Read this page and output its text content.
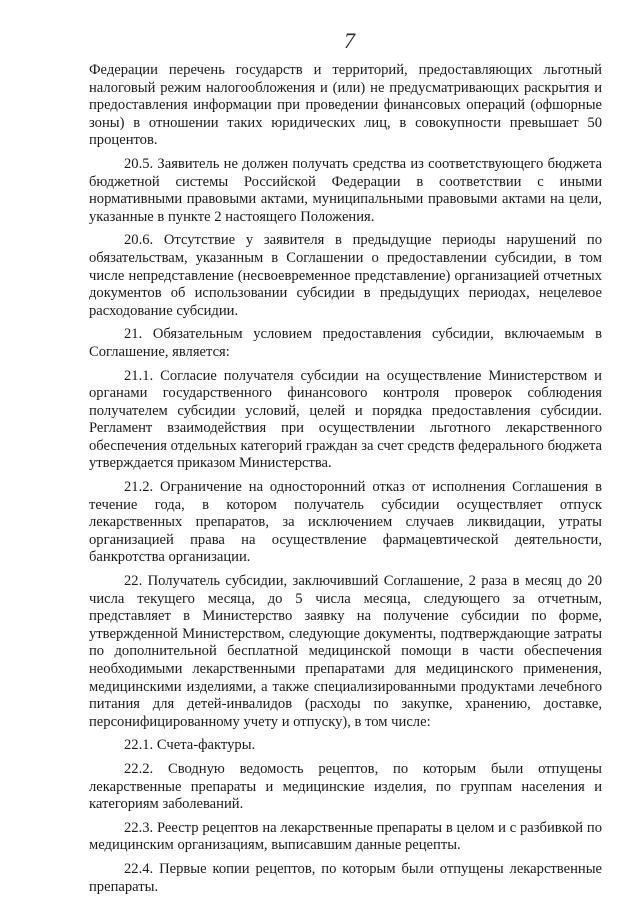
7

Федерации перечень государств и территорий, предоставляющих льготный налоговый режим налогообложения и (или) не предусматривающих раскрытия и предоставления информации при проведении финансовых операций (офшорные зоны) в отношении таких юридических лиц, в совокупности превышает 50 процентов.

20.5. Заявитель не должен получать средства из соответствующего бюджета бюджетной системы Российской Федерации в соответствии с иными нормативными правовыми актами, муниципальными правовыми актами на цели, указанные в пункте 2 настоящего Положения.

20.6. Отсутствие у заявителя в предыдущие периоды нарушений по обязательствам, указанным в Соглашении о предоставлении субсидии, в том числе непредставление (несвоевременное представление) организацией отчетных документов об использовании субсидии в предыдущих периодах, нецелевое расходование субсидии.

21. Обязательным условием предоставления субсидии, включаемым в Соглашение, является:

21.1. Согласие получателя субсидии на осуществление Министерством и органами государственного финансового контроля проверок соблюдения получателем субсидии условий, целей и порядка предоставления субсидии. Регламент взаимодействия при осуществлении льготного лекарственного обеспечения отдельных категорий граждан за счет средств федерального бюджета утверждается приказом Министерства.

21.2. Ограничение на односторонний отказ от исполнения Соглашения в течение года, в котором получатель субсидии осуществляет отпуск лекарственных препаратов, за исключением случаев ликвидации, утраты организацией права на осуществление фармацевтической деятельности, банкротства организации.

22. Получатель субсидии, заключивший Соглашение, 2 раза в месяц до 20 числа текущего месяца, до 5 числа месяца, следующего за отчетным, представляет в Министерство заявку на получение субсидии по форме, утвержденной Министерством, следующие документы, подтверждающие затраты по дополнительной бесплатной медицинской помощи в части обеспечения необходимыми лекарственными препаратами для медицинского применения, медицинскими изделиями, а также специализированными продуктами лечебного питания для детей-инвалидов (расходы по закупке, хранению, доставке, персонифицированному учету и отпуску), в том числе:

22.1. Счета-фактуры.

22.2. Сводную ведомость рецептов, по которым были отпущены лекарственные препараты и медицинские изделия, по группам населения и категориям заболеваний.

22.3. Реестр рецептов на лекарственные препараты в целом и с разбивкой по медицинским организациям, выписавшим данные рецепты.

22.4. Первые копии рецептов, по которым были отпущены лекарственные препараты.
